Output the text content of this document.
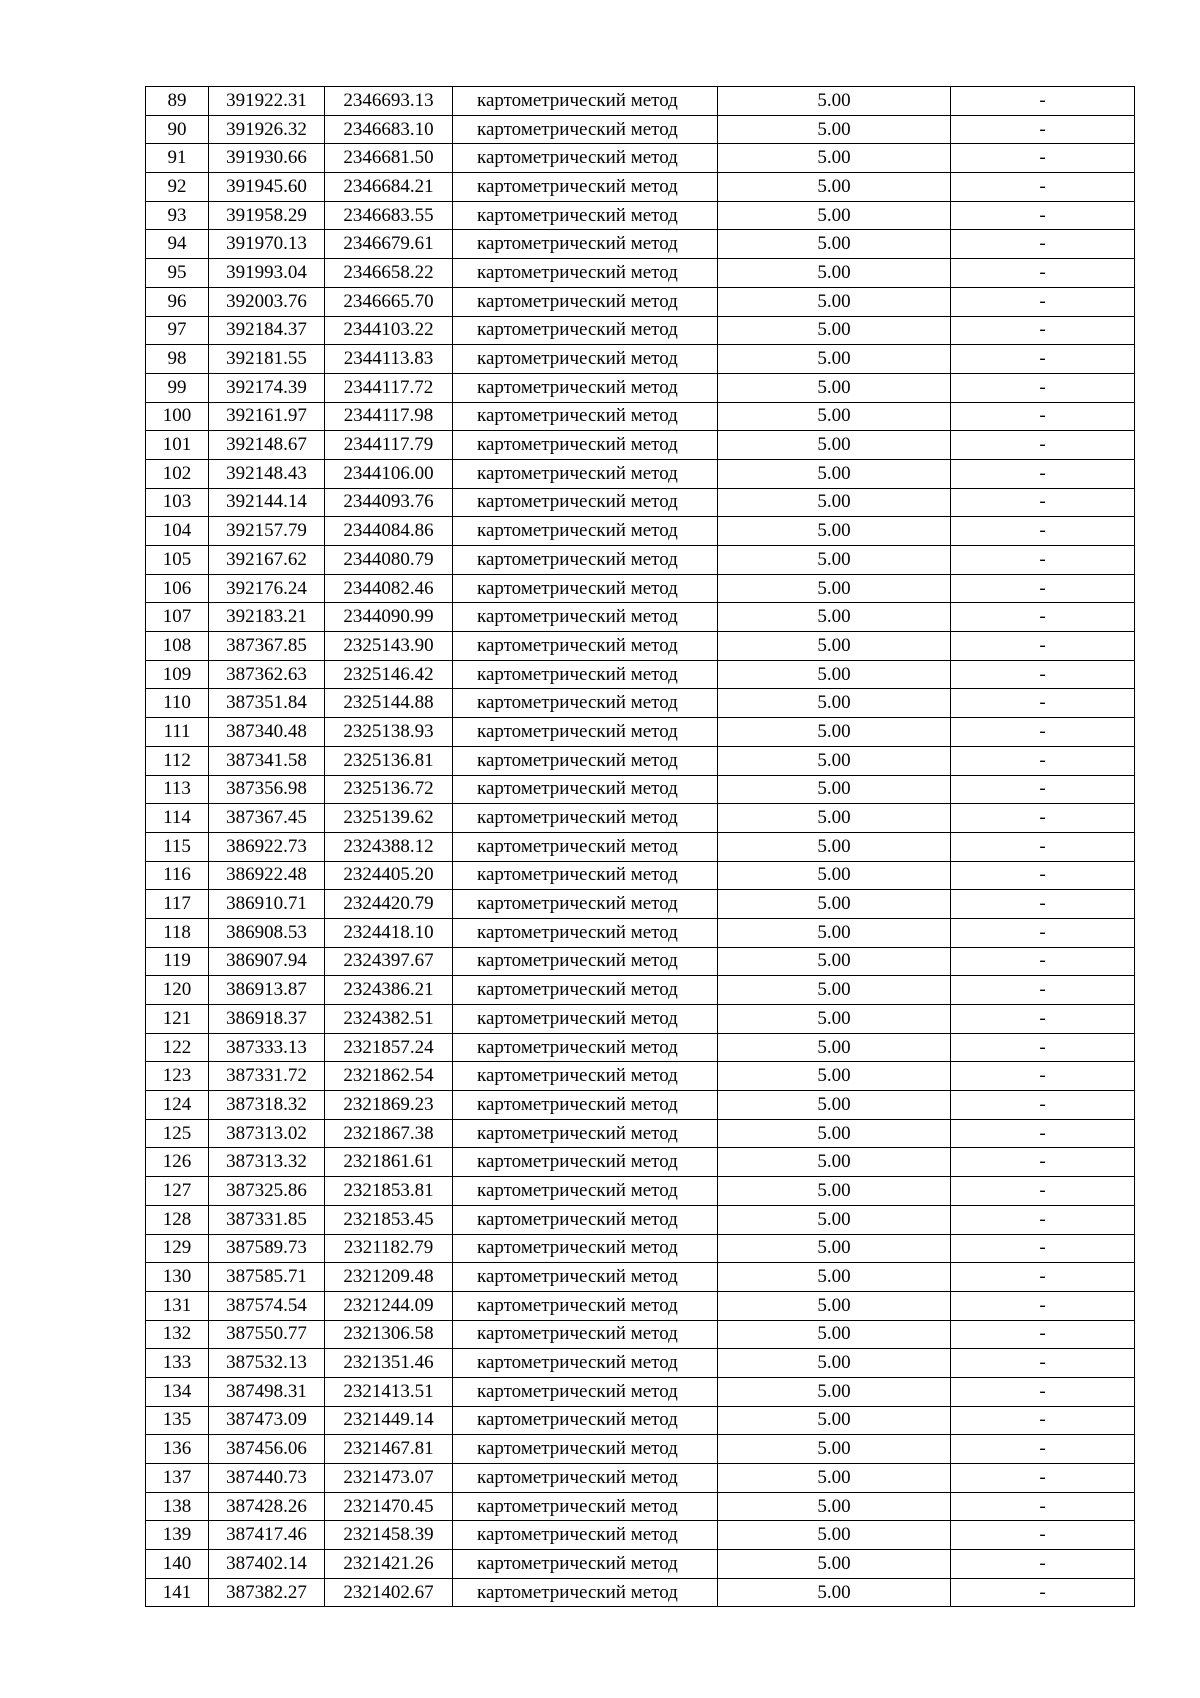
89	391922.31	2346693.13	картометрический метод	5.00	-
90	391926.32	2346683.10	картометрический метод	5.00	-
91	391930.66	2346681.50	картометрический метод	5.00	-
92	391945.60	2346684.21	картометрический метод	5.00	-
93	391958.29	2346683.55	картометрический метод	5.00	-
94	391970.13	2346679.61	картометрический метод	5.00	-
95	391993.04	2346658.22	картометрический метод	5.00	-
96	392003.76	2346665.70	картометрический метод	5.00	-
97	392184.37	2344103.22	картометрический метод	5.00	-
98	392181.55	2344113.83	картометрический метод	5.00	-
99	392174.39	2344117.72	картометрический метод	5.00	-
100	392161.97	2344117.98	картометрический метод	5.00	-
101	392148.67	2344117.79	картометрический метод	5.00	-
102	392148.43	2344106.00	картометрический метод	5.00	-
103	392144.14	2344093.76	картометрический метод	5.00	-
104	392157.79	2344084.86	картометрический метод	5.00	-
105	392167.62	2344080.79	картометрический метод	5.00	-
106	392176.24	2344082.46	картометрический метод	5.00	-
107	392183.21	2344090.99	картометрический метод	5.00	-
108	387367.85	2325143.90	картометрический метод	5.00	-
109	387362.63	2325146.42	картометрический метод	5.00	-
110	387351.84	2325144.88	картометрический метод	5.00	-
111	387340.48	2325138.93	картометрический метод	5.00	-
112	387341.58	2325136.81	картометрический метод	5.00	-
113	387356.98	2325136.72	картометрический метод	5.00	-
114	387367.45	2325139.62	картометрический метод	5.00	-
115	386922.73	2324388.12	картометрический метод	5.00	-
116	386922.48	2324405.20	картометрический метод	5.00	-
117	386910.71	2324420.79	картометрический метод	5.00	-
118	386908.53	2324418.10	картометрический метод	5.00	-
119	386907.94	2324397.67	картометрический метод	5.00	-
120	386913.87	2324386.21	картометрический метод	5.00	-
121	386918.37	2324382.51	картометрический метод	5.00	-
122	387333.13	2321857.24	картометрический метод	5.00	-
123	387331.72	2321862.54	картометрический метод	5.00	-
124	387318.32	2321869.23	картометрический метод	5.00	-
125	387313.02	2321867.38	картометрический метод	5.00	-
126	387313.32	2321861.61	картометрический метод	5.00	-
127	387325.86	2321853.81	картометрический метод	5.00	-
128	387331.85	2321853.45	картометрический метод	5.00	-
129	387589.73	2321182.79	картометрический метод	5.00	-
130	387585.71	2321209.48	картометрический метод	5.00	-
131	387574.54	2321244.09	картометрический метод	5.00	-
132	387550.77	2321306.58	картометрический метод	5.00	-
133	387532.13	2321351.46	картометрический метод	5.00	-
134	387498.31	2321413.51	картометрический метод	5.00	-
135	387473.09	2321449.14	картометрический метод	5.00	-
136	387456.06	2321467.81	картометрический метод	5.00	-
137	387440.73	2321473.07	картометрический метод	5.00	-
138	387428.26	2321470.45	картометрический метод	5.00	-
139	387417.46	2321458.39	картометрический метод	5.00	-
140	387402.14	2321421.26	картометрический метод	5.00	-
141	387382.27	2321402.67	картометрический метод	5.00	-
